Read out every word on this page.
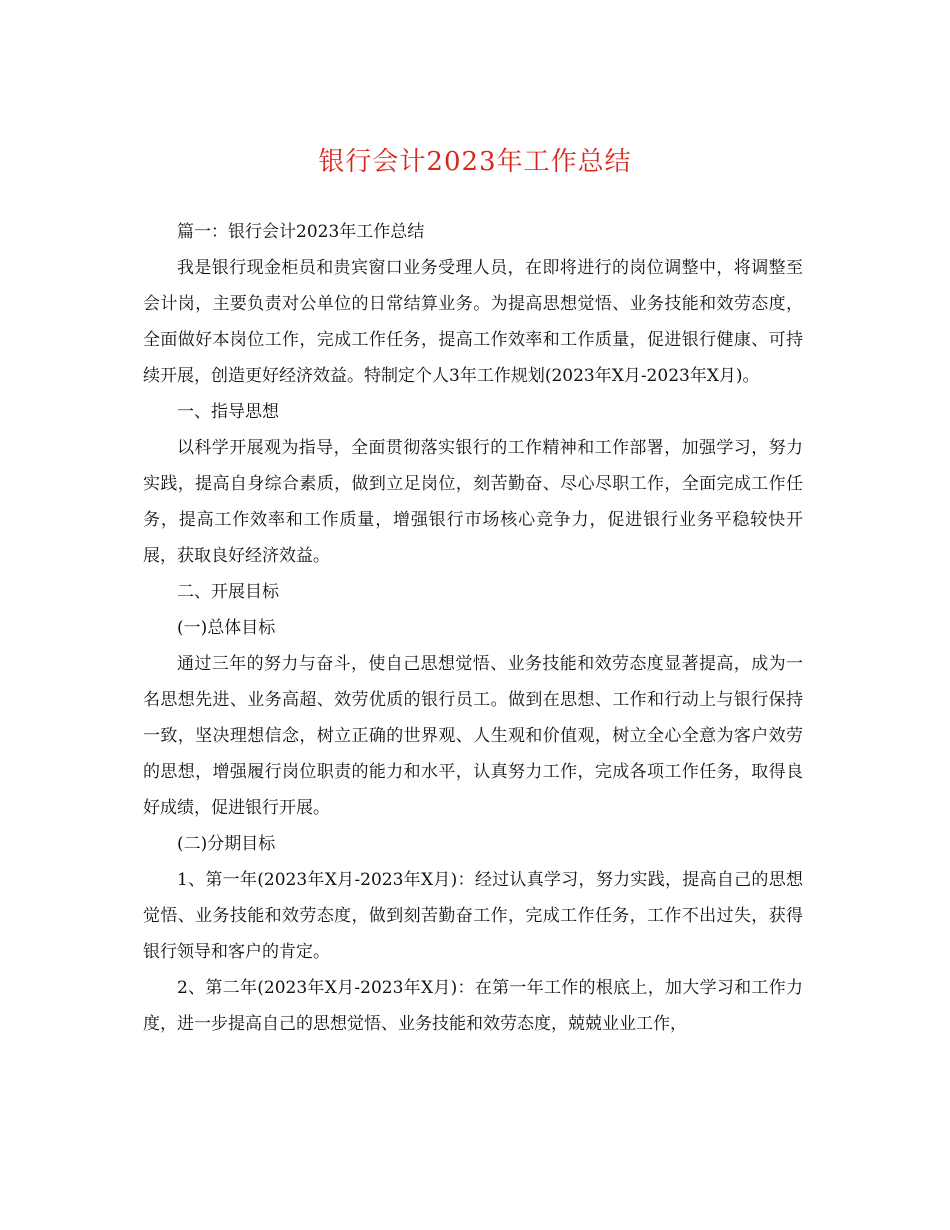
银行会计2023年工作总结

篇一：银行会计2023年工作总结

我是银行现金柜员和贵宾窗口业务受理人员，在即将进行的岗位调整中，将调整至会计岗，主要负责对公单位的日常结算业务。为提高思想觉悟、业务技能和效劳态度，全面做好本岗位工作，完成工作任务，提高工作效率和工作质量，促进银行健康、可持续开展，创造更好经济效益。特制定个人3年工作规划(2023年X月-2023年X月)。

一、指导思想

以科学开展观为指导，全面贯彻落实银行的工作精神和工作部署，加强学习，努力实践，提高自身综合素质，做到立足岗位，刻苦勤奋、尽心尽职工作，全面完成工作任务，提高工作效率和工作质量，增强银行市场核心竞争力，促进银行业务平稳较快开展，获取良好经济效益。

二、开展目标

(一)总体目标

通过三年的努力与奋斗，使自己思想觉悟、业务技能和效劳态度显著提高，成为一名思想先进、业务高超、效劳优质的银行员工。做到在思想、工作和行动上与银行保持一致，坚决理想信念，树立正确的世界观、人生观和价值观，树立全心全意为客户效劳的思想，增强履行岗位职责的能力和水平，认真努力工作，完成各项工作任务，取得良好成绩，促进银行开展。

(二)分期目标

1、第一年(2023年X月-2023年X月)：经过认真学习，努力实践，提高自己的思想觉悟、业务技能和效劳态度，做到刻苦勤奋工作，完成工作任务，工作不出过失，获得银行领导和客户的肯定。

2、第二年(2023年X月-2023年X月)：在第一年工作的根底上，加大学习和工作力度，进一步提高自己的思想觉悟、业务技能和效劳态度，兢兢业业工作，
